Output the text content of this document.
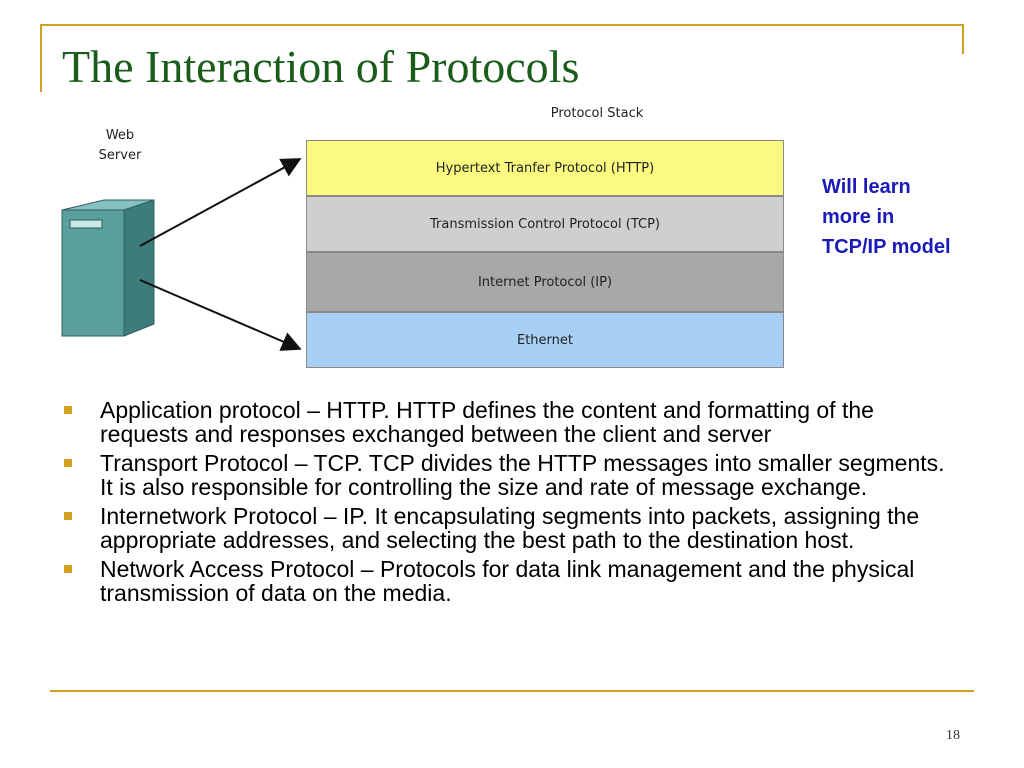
The Interaction of Protocols
Protocol Stack
Web
Server
Hypertext Tranfer Protocol (HTTP)
Transmission Control Protocol (TCP)
Internet Protocol (IP)
Ethernet
Will learn more in TCP/IP model
Application protocol – HTTP. HTTP defines the content and formatting of the requests and responses exchanged between the client and server
Transport Protocol – TCP. TCP divides the HTTP messages into smaller segments. It is also responsible for controlling the size and rate of message exchange.
Internetwork Protocol – IP. It encapsulating segments into packets, assigning the appropriate addresses, and selecting the best path to the destination host.
Network Access Protocol – Protocols for data link management and the physical transmission of data on the media.
18
